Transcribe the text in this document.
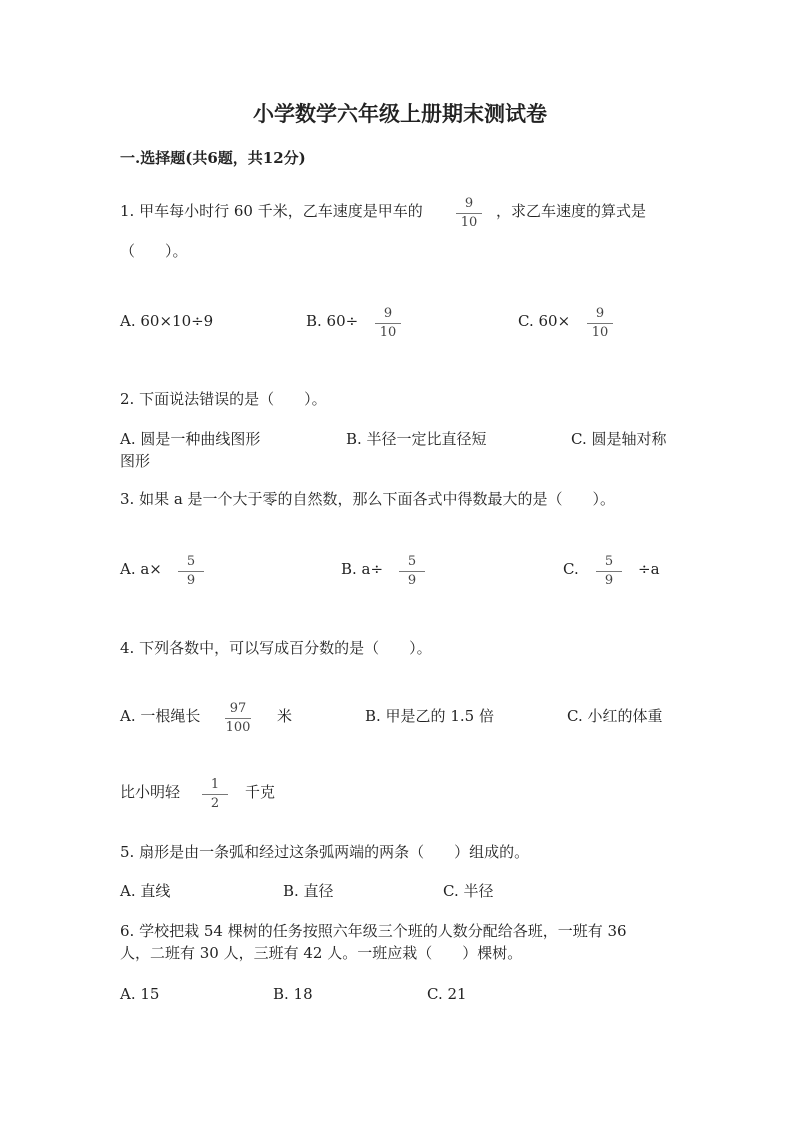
小学数学六年级上册期末测试卷
一.选择题(共6题，共12分)
1. 甲车每小时行 60 千米，乙车速度是甲车的	9
10
，求乙车速度的算式是
（　　）。
A. 60×10÷9	B. 60÷	9
10
C. 60×	9
10
2. 下面说法错误的是（　　）。
A. 圆是一种曲线图形	B. 半径一定比直径短	C. 圆是轴对称
图形
3. 如果 a 是一个大于零的自然数，那么下面各式中得数最大的是（　　）。
A. a×	5
9
B. a÷	5
9
C.	5
9
÷a
4. 下列各数中，可以写成百分数的是（　　）。
A. 一根绳长	97
100
米	B. 甲是乙的 1.5 倍	C. 小红的体重
比小明轻	1
2
千克
5. 扇形是由一条弧和经过这条弧两端的两条（　　）组成的。
A. 直线	B. 直径	C. 半径
6. 学校把栽 54 棵树的任务按照六年级三个班的人数分配给各班，一班有 36
人，二班有 30 人，三班有 42 人。一班应栽（　　）棵树。
A. 15	B. 18	C. 21
